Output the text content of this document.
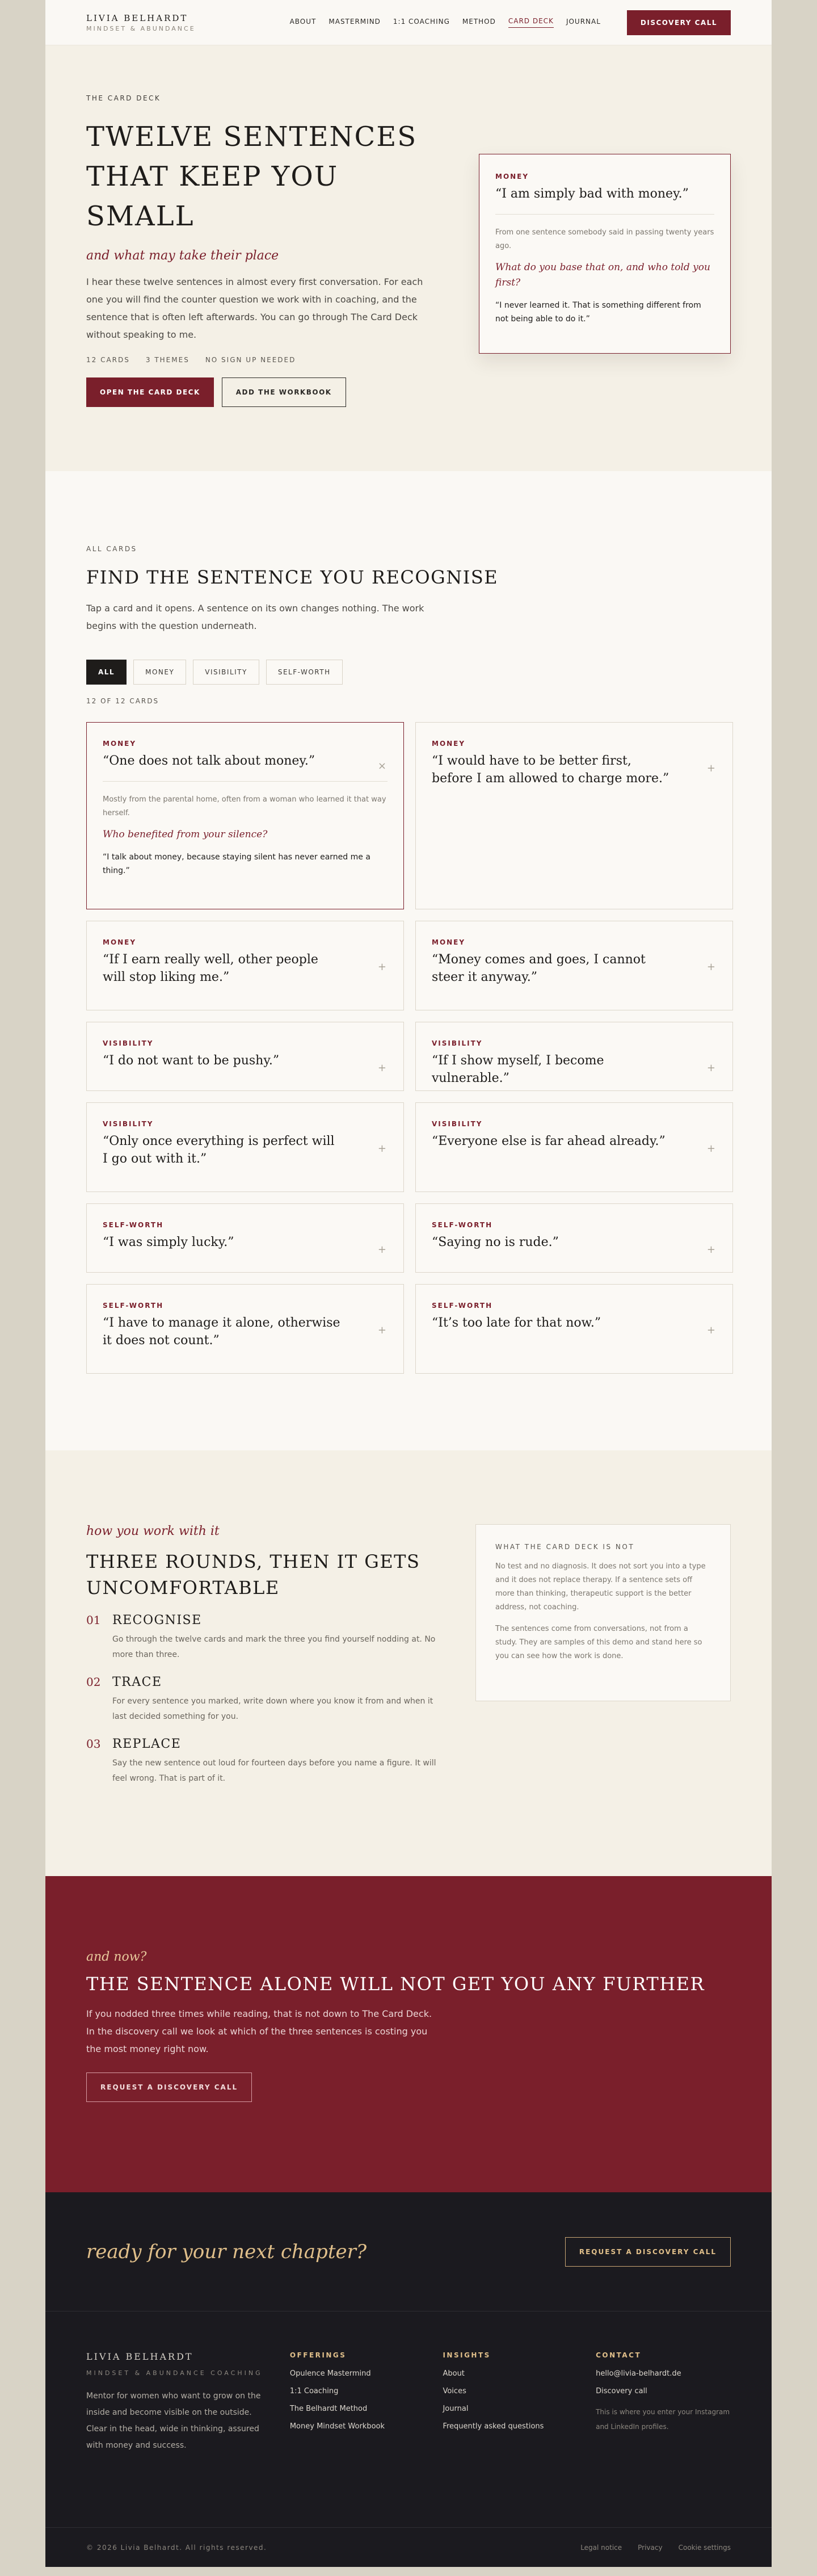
LIVIA BELHARDT
MINDSET & ABUNDANCE
ABOUT MASTERMIND 1:1 COACHING METHOD CARD DECK JOURNAL	DISCOVERY CALL
THE CARD DECK
TWELVE SENTENCES THAT KEEP YOU SMALL
and what may take their place

I hear these twelve sentences in almost every first conversation. For each one you will find the counter question we work with in coaching, and the sentence that is often left afterwards. You can go through The Card Deck without speaking to me.

12 CARDS 3 THEMES NO SIGN UP NEEDED
OPEN THE CARD DECK	ADD THE WORKBOOK
MONEY
“I am simply bad with money.”
From one sentence somebody said in passing twenty years ago.
What do you base that on, and who told you first?
“I never learned it. That is something different from not being able to do it.”
ALL CARDS
FIND THE SENTENCE YOU RECOGNISE

Tap a card and it opens. A sentence on its own changes nothing. The work begins with the question underneath.

ALL	MONEY	VISIBILITY	SELF-WORTH
12 OF 12 CARDS
MONEY
“One does not talk about money.”	×
Mostly from the parental home, often from a woman who learned it that way herself.
Who benefited from your silence?
“I talk about money, because staying silent has never earned me a thing.”
MONEY
“I would have to be better first, before I am allowed to charge more.”
+
MONEY
“If I earn really well, other people will stop liking me.”
+
MONEY
“Money comes and goes, I cannot steer it anyway.”
+
VISIBILITY
“I do not want to be pushy.”
+
VISIBILITY
“If I show myself, I become vulnerable.”
+
VISIBILITY
“Only once everything is perfect will I go out with it.”
+
VISIBILITY
“Everyone else is far ahead already.”
+
SELF-WORTH
“I was simply lucky.”
+
SELF-WORTH
“Saying no is rude.”
+
SELF-WORTH
“I have to manage it alone, otherwise it does not count.”
+
SELF-WORTH
“It’s too late for that now.”
+
how you work with it
THREE ROUNDS, THEN IT GETS UNCOMFORTABLE
01 RECOGNISE
Go through the twelve cards and mark the three you find yourself nodding at. No more than three.
02 TRACE
For every sentence you marked, write down where you know it from and when it last decided something for you.
03 REPLACE
Say the new sentence out loud for fourteen days before you name a figure. It will feel wrong. That is part of it.
WHAT THE CARD DECK IS NOT

No test and no diagnosis. It does not sort you into a type and it does not replace therapy. If a sentence sets off more than thinking, therapeutic support is the better address, not coaching.

The sentences come from conversations, not from a study. They are samples of this demo and stand here so you can see how the work is done.

and now?
THE SENTENCE ALONE WILL NOT GET YOU ANY FURTHER

If you nodded three times while reading, that is not down to The Card Deck. In the discovery call we look at which of the three sentences is costing you the most money right now.

REQUEST A DISCOVERY CALL
ready for your next chapter?	REQUEST A DISCOVERY CALL
LIVIA BELHARDT
MINDSET & ABUNDANCE COACHING

Mentor for women who want to grow on the inside and become visible on the outside. Clear in the head, wide in thinking, assured with money and success.

OFFERINGS
Opulence Mastermind
1:1 Coaching
The Belhardt Method
Money Mindset Workbook
INSIGHTS
About
Voices
Journal
Frequently asked questions
CONTACT
hello@livia-belhardt.de
Discovery call

This is where you enter your Instagram and LinkedIn profiles.

© 2026 Livia Belhardt. All rights reserved.	Legal notice Privacy Cookie settings
